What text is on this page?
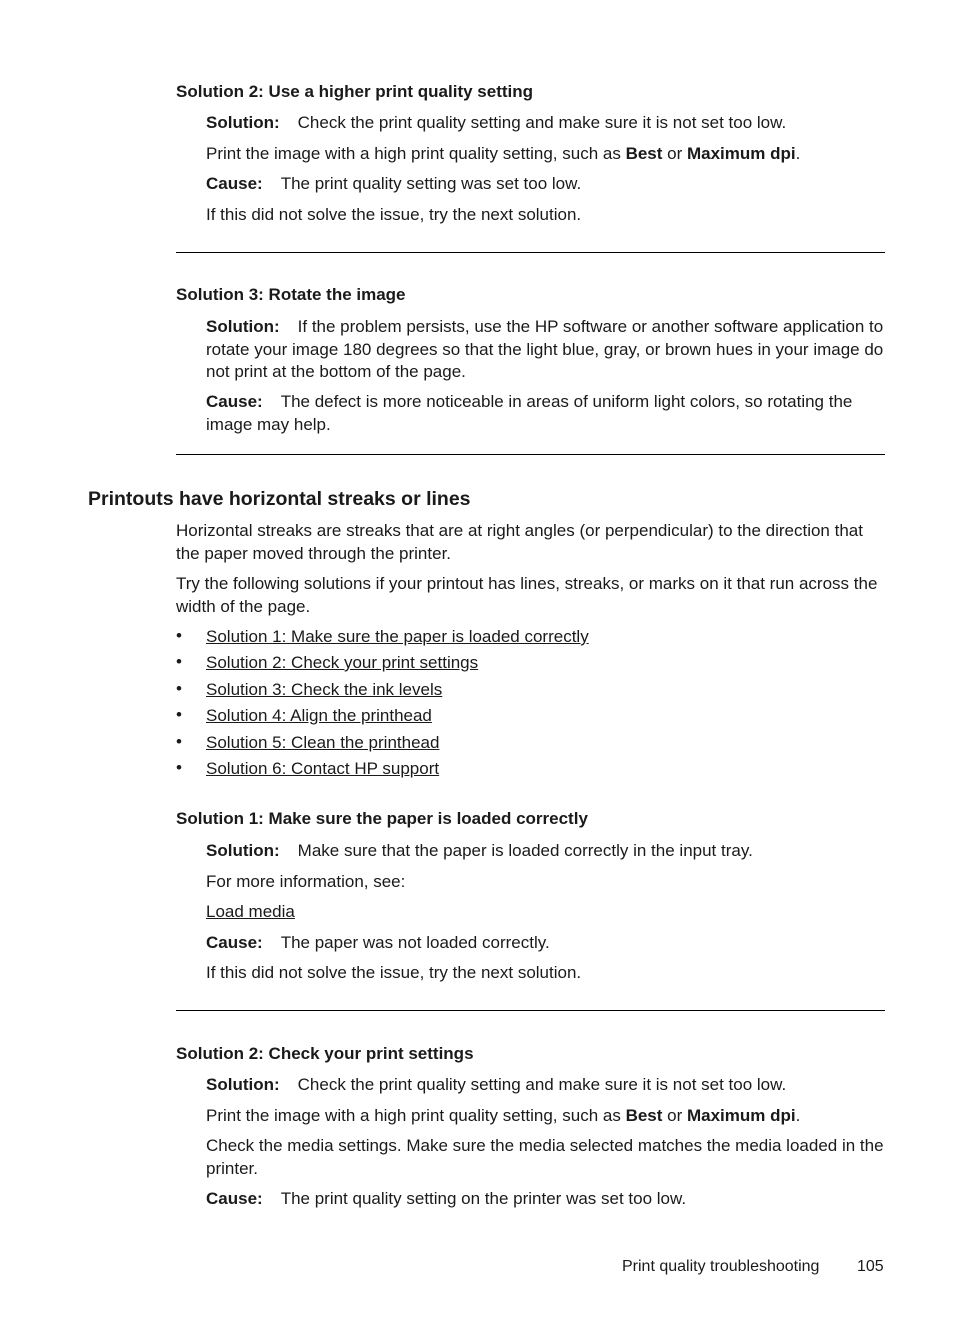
Solution 2: Use a higher print quality setting
Solution: Check the print quality setting and make sure it is not set too low.
Print the image with a high print quality setting, such as Best or Maximum dpi.
Cause: The print quality setting was set too low.
If this did not solve the issue, try the next solution.
Solution 3: Rotate the image
Solution: If the problem persists, use the HP software or another software application to rotate your image 180 degrees so that the light blue, gray, or brown hues in your image do not print at the bottom of the page.
Cause: The defect is more noticeable in areas of uniform light colors, so rotating the image may help.
Printouts have horizontal streaks or lines
Horizontal streaks are streaks that are at right angles (or perpendicular) to the direction that the paper moved through the printer.
Try the following solutions if your printout has lines, streaks, or marks on it that run across the width of the page.
• Solution 1: Make sure the paper is loaded correctly
• Solution 2: Check your print settings
• Solution 3: Check the ink levels
• Solution 4: Align the printhead
• Solution 5: Clean the printhead
• Solution 6: Contact HP support
Solution 1: Make sure the paper is loaded correctly
Solution: Make sure that the paper is loaded correctly in the input tray.
For more information, see:
Load media
Cause: The paper was not loaded correctly.
If this did not solve the issue, try the next solution.
Solution 2: Check your print settings
Solution: Check the print quality setting and make sure it is not set too low.
Print the image with a high print quality setting, such as Best or Maximum dpi.
Check the media settings. Make sure the media selected matches the media loaded in the printer.
Cause: The print quality setting on the printer was set too low.
Print quality troubleshooting 105
